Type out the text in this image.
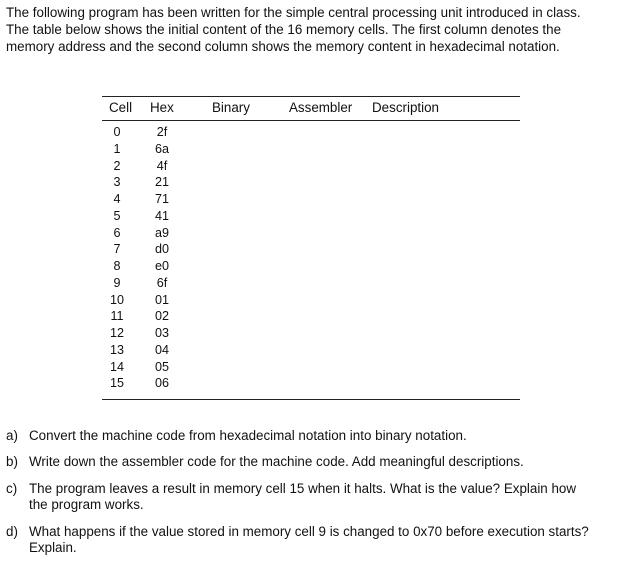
The following program has been written for the simple central processing unit introduced in class.

The table below shows the initial content of the 16 memory cells. The first column denotes the

memory address and the second column shows the memory content in hexadecimal notation.

Cell Hex	Binary	Assembler Description
0	2f
1	6a
2	4f
3	21
4	71
5	41
6	a9
7	d0
8	e0
9	6f
10	01
11	02
12	03
13	04
14	05
15	06
a) Convert the machine code from hexadecimal notation into binary notation.
b) Write down the assembler code for the machine code. Add meaningful descriptions.
c) The program leaves a result in memory cell 15 when it halts. What is the value? Explain how
the program works.
d) What happens if the value stored in memory cell 9 is changed to 0x70 before execution starts?
Explain.
